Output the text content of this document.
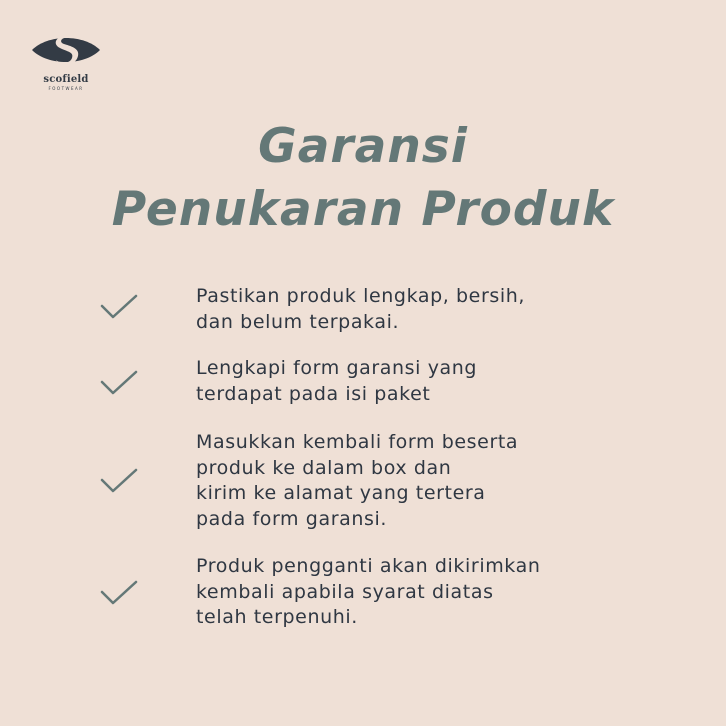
scofield
FOOTWEAR
Garansi
Penukaran Produk
Pastikan produk lengkap, bersih,
dan belum terpakai.
Lengkapi form garansi yang
terdapat pada isi paket
Masukkan kembali form beserta
produk ke dalam box dan
kirim ke alamat yang tertera
pada form garansi.
Produk pengganti akan dikirimkan
kembali apabila syarat diatas
telah terpenuhi.
